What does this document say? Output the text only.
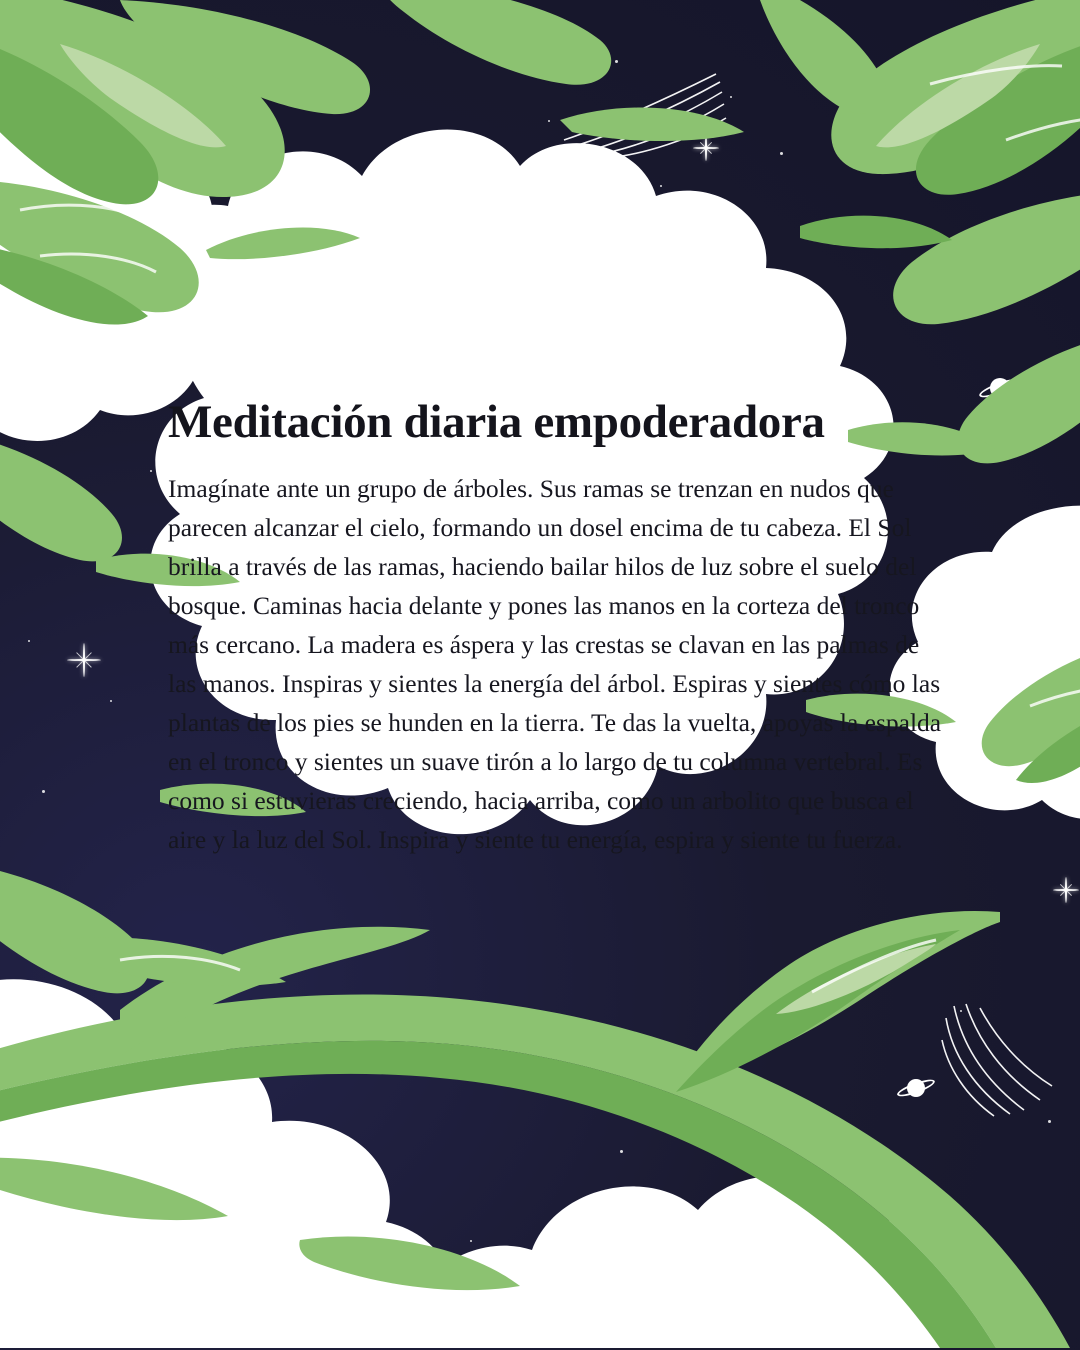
Meditación diaria empoderadora

Imagínate ante un grupo de árboles. Sus ramas se trenzan en nudos que parecen alcanzar el cielo, formando un dosel encima de tu cabeza. El Sol brilla a través de las ramas, haciendo bailar hilos de luz sobre el suelo del bosque. Caminas hacia delante y pones las manos en la corteza del tronco más cercano. La madera es áspera y las crestas se clavan en las palmas de las manos. Inspiras y sientes la energía del árbol. Espiras y sientes cómo las plantas de los pies se hunden en la tierra. Te das la vuelta, apoyas la espalda en el tronco y sientes un suave tirón a lo largo de tu columna vertebral. Es como si estuvieras creciendo, hacia arriba, como un arbolito que busca el aire y la luz del Sol. Inspira y siente tu energía, espira y siente tu fuerza.
